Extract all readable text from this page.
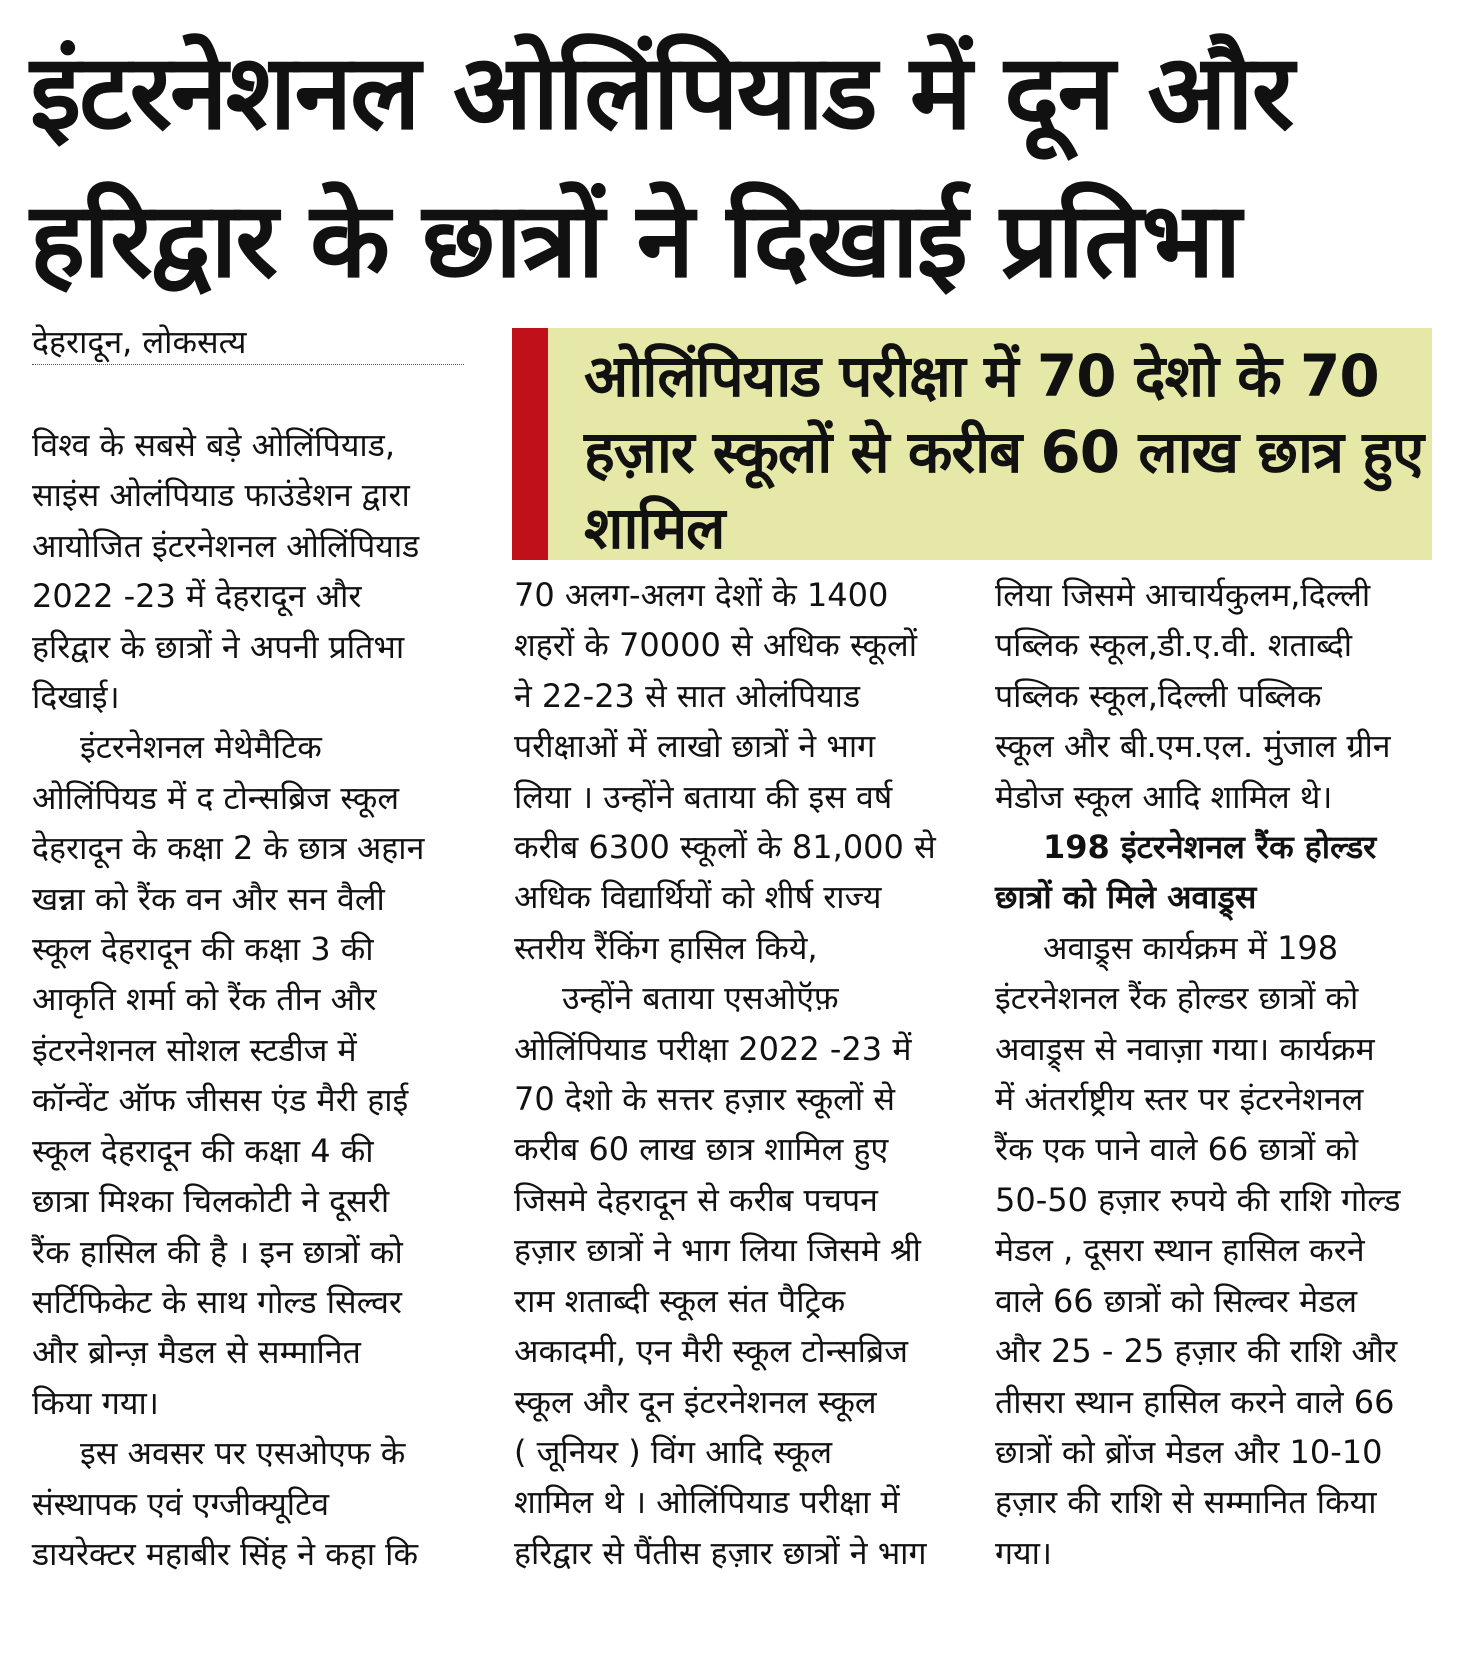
इंटरनेशनल ओलिंपियाड में दून और
हरिद्वार के छात्रों ने दिखाई प्रतिभा
देहरादून, लोकसत्य	ओलिंपियाड परीक्षा में 70 देशो के 70 हज़ार स्कूलों से करीब 60 लाख छात्र हुए शामिल
विश्व के सबसे बड़े ओलिंपियाड,
साइंस ओलंपियाड फाउंडेशन द्वारा
आयोजित इंटरनेशनल ओलिंपियाड
2022 -23 में देहरादून और
हरिद्वार के छात्रों ने अपनी प्रतिभा
दिखाई।
इंटरनेशनल मेथेमैटिक
ओलिंपियड में द टोन्सब्रिज स्कूल
देहरादून के कक्षा 2 के छात्र अहान
खन्ना को रैंक वन और सन वैली
स्कूल देहरादून की कक्षा 3 की
आकृति शर्मा को रैंक तीन और
इंटरनेशनल सोशल स्टडीज में
कॉन्वेंट ऑफ जीसस एंड मैरी हाई
स्कूल देहरादून की कक्षा 4 की
छात्रा मिश्का चिलकोटी ने दूसरी
रैंक हासिल की है । इन छात्रों को
सर्टिफिकेट के साथ गोल्ड सिल्वर
और ब्रोन्ज़ मैडल से सम्मानित
किया गया।
इस अवसर पर एसओएफ के
संस्थापक एवं एग्जीक्यूटिव
डायरेक्टर महाबीर सिंह ने कहा कि
70 अलग-अलग देशों के 1400
शहरों के 70000 से अधिक स्कूलों
ने 22-23 से सात ओलंपियाड
परीक्षाओं में लाखो छात्रों ने भाग
लिया । उन्होंने बताया की इस वर्ष
करीब 6300 स्कूलों के 81,000 से
अधिक विद्यार्थियों को शीर्ष राज्य
स्तरीय रैंकिंग हासिल किये,
उन्होंने बताया एसओऍफ़
ओलिंपियाड परीक्षा 2022 -23 में
70 देशो के सत्तर हज़ार स्कूलों से
करीब 60 लाख छात्र शामिल हुए
जिसमे देहरादून से करीब पचपन
हज़ार छात्रों ने भाग लिया जिसमे श्री
राम शताब्दी स्कूल संत पैट्रिक
अकादमी, एन मैरी स्कूल टोन्सब्रिज
स्कूल और दून इंटरनेशनल स्कूल
( जूनियर ) विंग आदि स्कूल
शामिल थे । ओलिंपियाड परीक्षा में
हरिद्वार से पैंतीस हज़ार छात्रों ने भाग
लिया जिसमे आचार्यकुलम,दिल्ली
पब्लिक स्कूल,डी.ए.वी. शताब्दी
पब्लिक स्कूल,दिल्ली पब्लिक
स्कूल और बी.एम.एल. मुंजाल ग्रीन
मेडोज स्कूल आदि शामिल थे।
198 इंटरनेशनल रैंक होल्डर
छात्रों को मिले अवाड्र्स
अवाड्र्स कार्यक्रम में 198
इंटरनेशनल रैंक होल्डर छात्रों को
अवाड्र्स से नवाज़ा गया। कार्यक्रम
में अंतर्राष्ट्रीय स्तर पर इंटरनेशनल
रैंक एक पाने वाले 66 छात्रों को
50-50 हज़ार रुपये की राशि गोल्ड
मेडल , दूसरा स्थान हासिल करने
वाले 66 छात्रों को सिल्वर मेडल
और 25 - 25 हज़ार की राशि और
तीसरा स्थान हासिल करने वाले 66
छात्रों को ब्रोंज मेडल और 10-10
हज़ार की राशि से सम्मानित किया
गया।
